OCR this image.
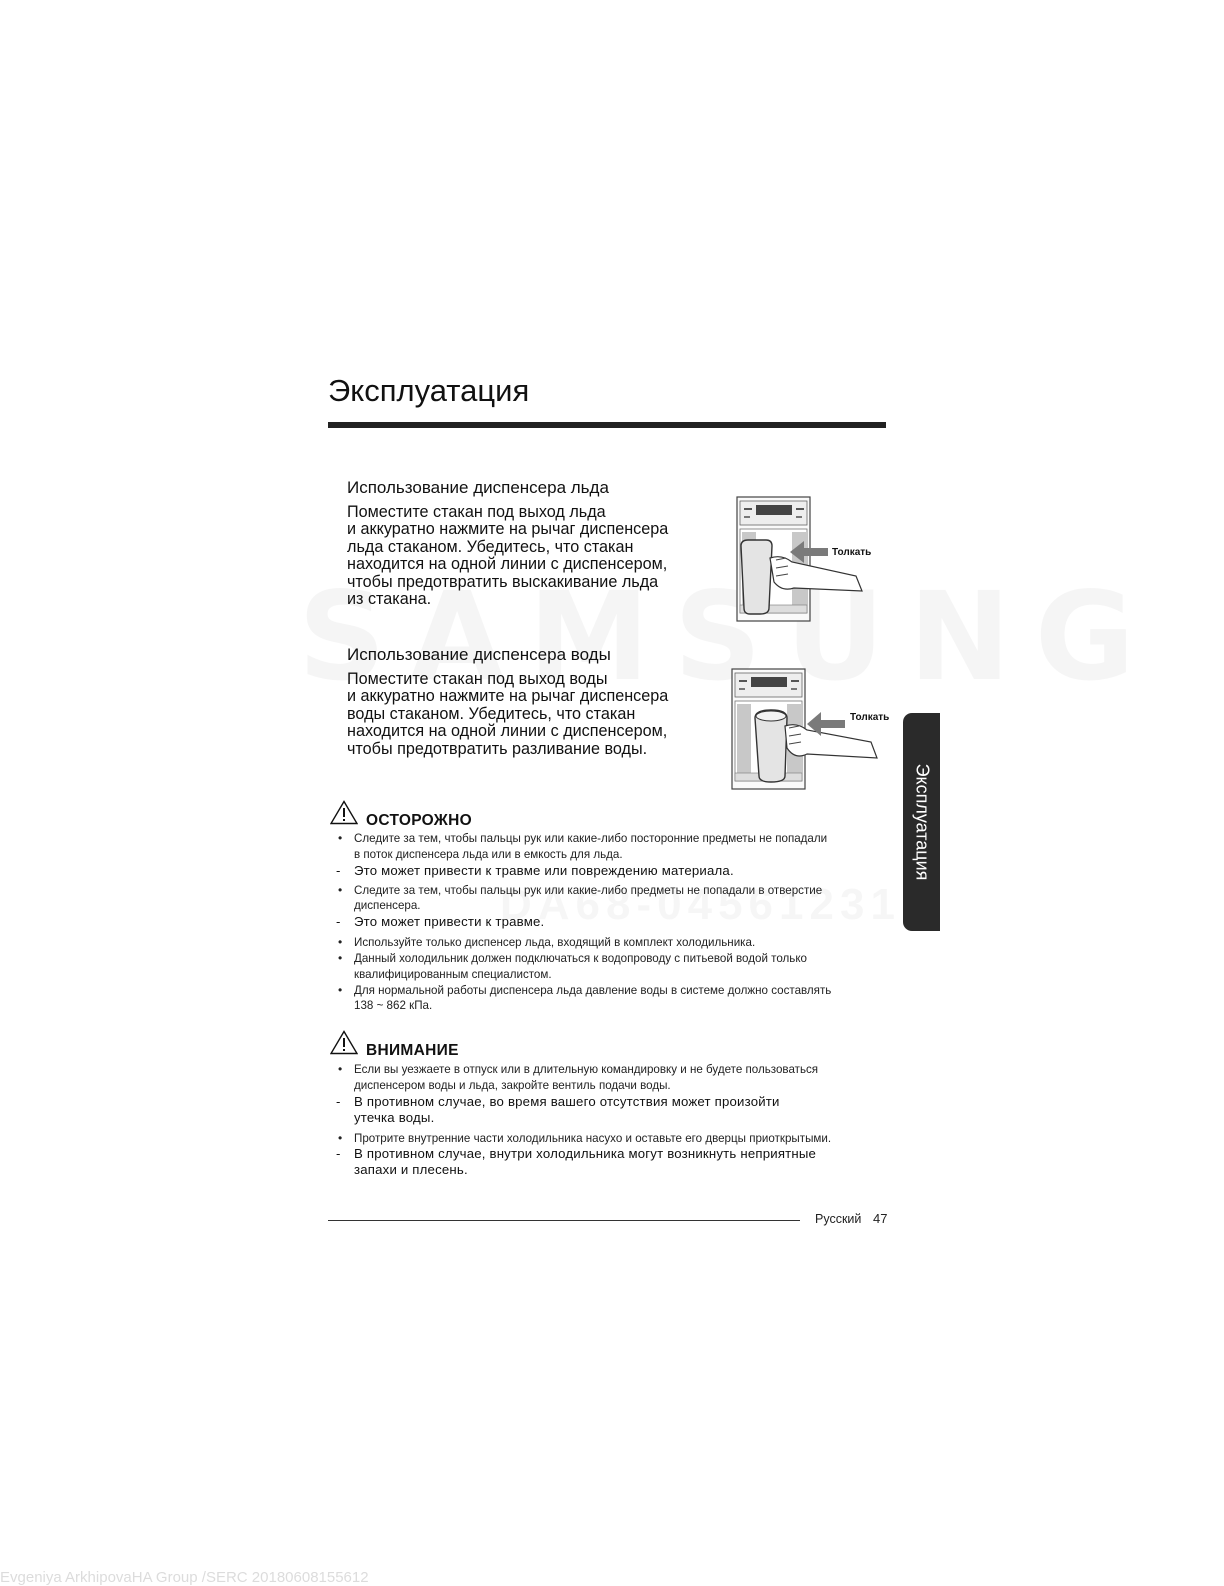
Эксплуатация
Использование диспенсера льда
Поместите стакан под выход льда
и аккуратно нажмите на рычаг диспенсера
льда стаканом. Убедитесь, что стакан
находится на одной линии с диспенсером,
чтобы предотвратить выскакивание льда
из стакана.
Толкать
Использование диспенсера воды
Поместите стакан под выход воды
и аккуратно нажмите на рычаг диспенсера
воды стаканом. Убедитесь, что стакан
находится на одной линии с диспенсером,
чтобы предотвратить разливание воды.
Толкать
Эксплуатация
ОСТОРОЖНО
• Следите за тем, чтобы пальцы рук или какие-либо посторонние предметы не попадали
в поток диспенсера льда или в емкость для льда.
- Это может привести к травме или повреждению материала.
• Следите за тем, чтобы пальцы рук или какие-либо предметы не попадали в отверстие
диспенсера.
- Это может привести к травме.
• Используйте только диспенсер льда, входящий в комплект холодильника.
• Данный холодильник должен подключаться к водопроводу с питьевой водой только
квалифицированным специалистом.
• Для нормальной работы диспенсера льда давление воды в системе должно составлять
138 ~ 862 кПа.
ВНИМАНИЕ
• Если вы уезжаете в отпуск или в длительную командировку и не будете пользоваться
диспенсером воды и льда, закройте вентиль подачи воды.
- В противном случае, во время вашего отсутствия может произойти
утечка воды.
• Протрите внутренние части холодильника насухо и оставьте его дверцы приоткрытыми.
- В противном случае, внутри холодильника могут возникнуть неприятные
запахи и плесень.
Русский 47
Evgeniya ArkhipovaHA Group /SERC 20180608155612
